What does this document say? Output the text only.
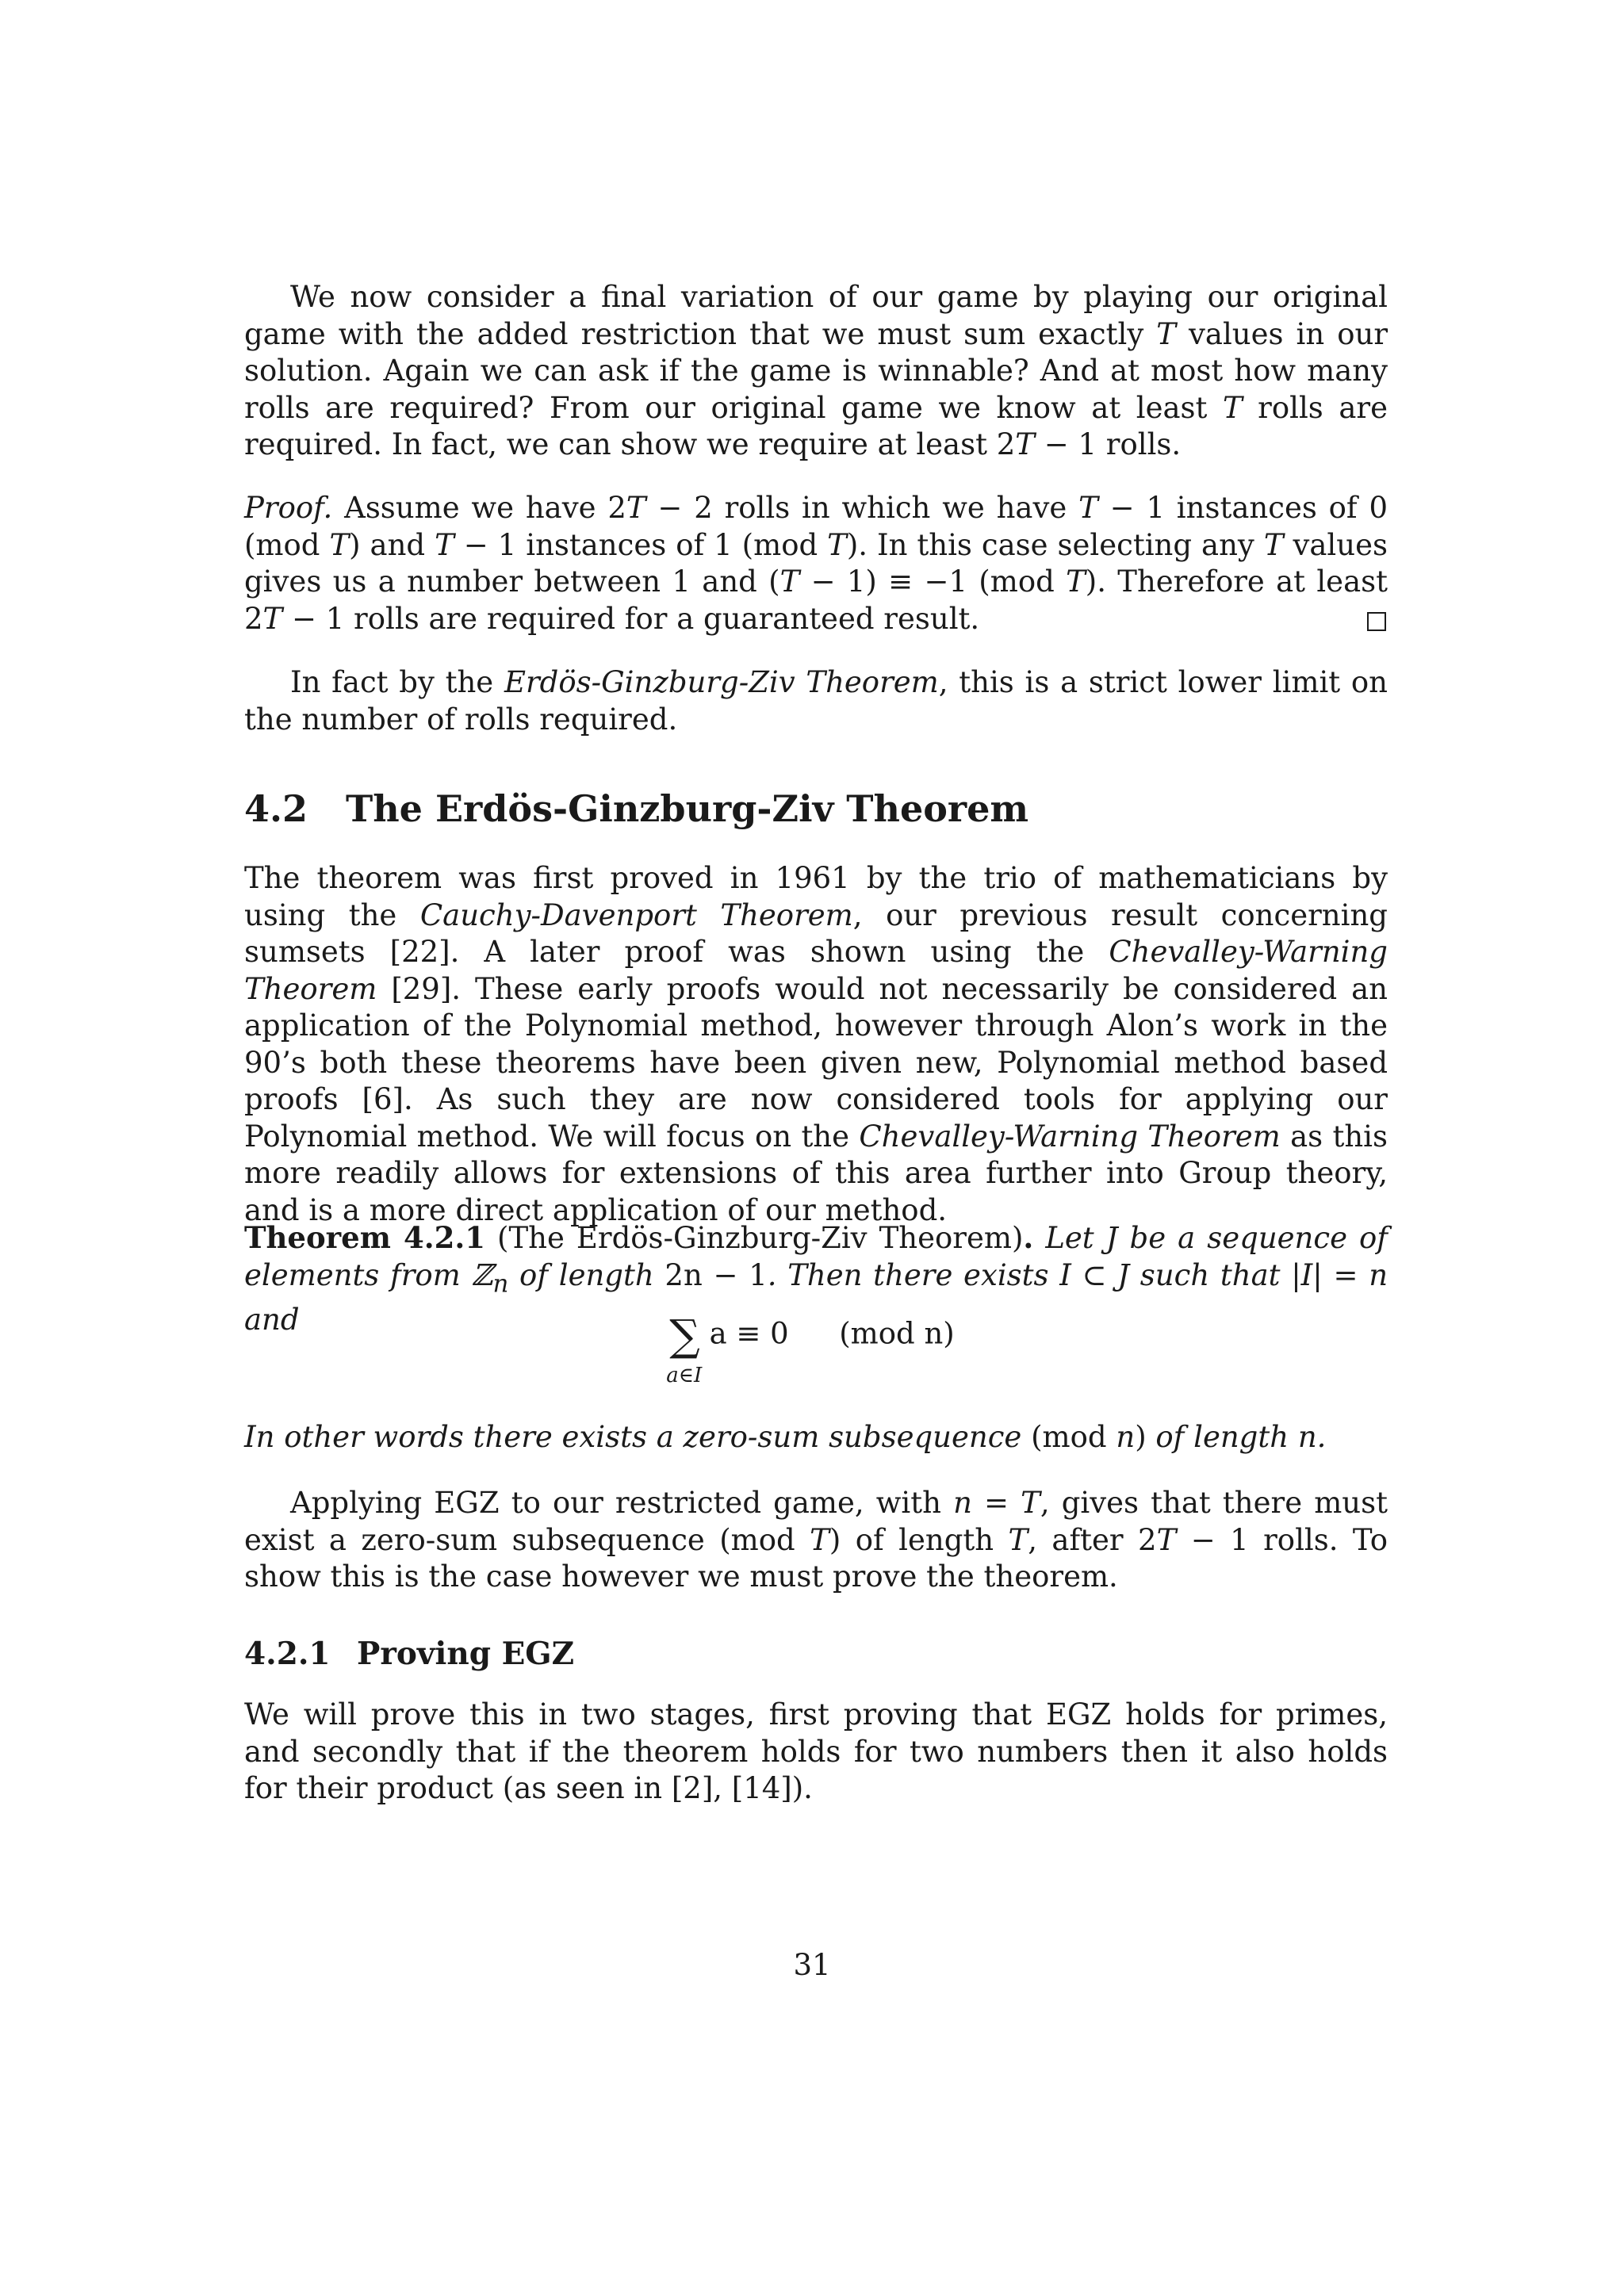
We now consider a final variation of our game by playing our original game with the added restriction that we must sum exactly T values in our solution. Again we can ask if the game is winnable? And at most how many rolls are required? From our original game we know at least T rolls are required. In fact, we can show we require at least 2T − 1 rolls.

Proof. Assume we have 2T − 2 rolls in which we have T − 1 instances of 0 (mod T) and T − 1 instances of 1 (mod T). In this case selecting any T values gives us a number between 1 and (T − 1) ≡ −1 (mod T). Therefore at least 2T − 1 rolls are required for a guaranteed result.

In fact by the Erdös-Ginzburg-Ziv Theorem, this is a strict lower limit on the number of rolls required.

4.2 The Erdös-Ginzburg-Ziv Theorem

The theorem was first proved in 1961 by the trio of mathematicians by using the Cauchy-Davenport Theorem, our previous result concerning sumsets [22]. A later proof was shown using the Chevalley-Warning Theorem [29]. These early proofs would not necessarily be considered an application of the Polynomial method, however through Alon’s work in the 90’s both these theorems have been given new, Polynomial method based proofs [6]. As such they are now considered tools for applying our Polynomial method. We will focus on the Chevalley-Warning Theorem as this more readily allows for extensions of this area further into Group theory, and is a more direct application of our method.

Theorem 4.2.1 (The Erdös-Ginzburg-Ziv Theorem). Let J be a sequence of elements from ℤ$_n$ of length 2n − 1. Then there exists I ⊂ J such that |I| = n and	∑
a∈I
a ≡ 0 (mod n)

In other words there exists a zero-sum subsequence (mod n) of length n.

Applying EGZ to our restricted game, with n = T, gives that there must exist a zero-sum subsequence (mod T) of length T, after 2T − 1 rolls. To show this is the case however we must prove the theorem.

4.2.1 Proving EGZ

We will prove this in two stages, first proving that EGZ holds for primes, and secondly that if the theorem holds for two numbers then it also holds for their product (as seen in [2], [14]).

31
